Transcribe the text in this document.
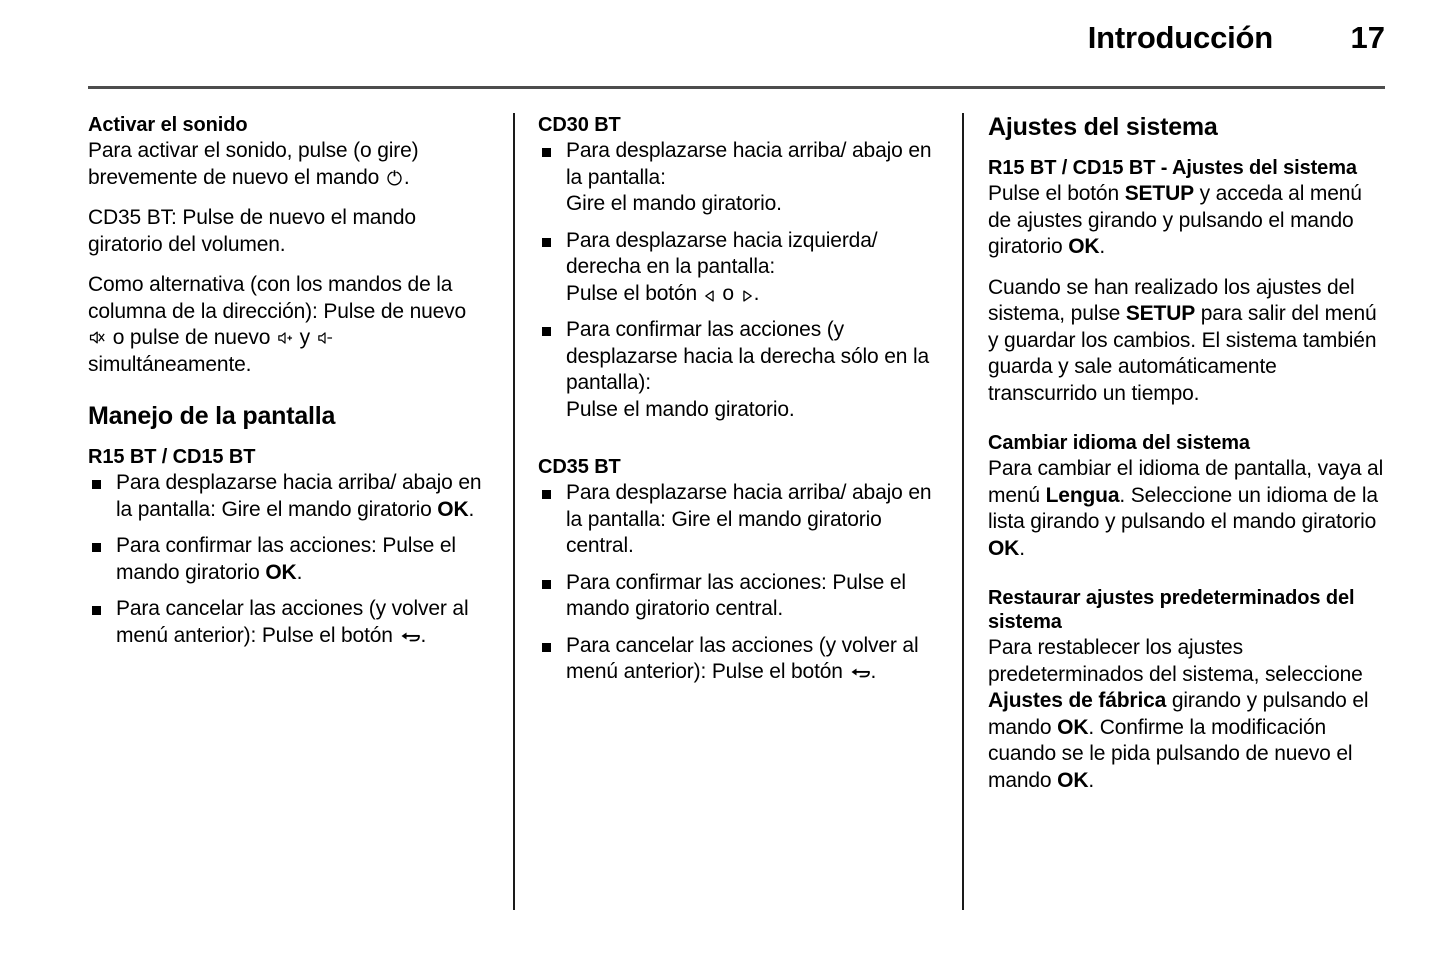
Introducción	17
Activar el sonido

Para activar el sonido, pulse (o gire) brevemente de nuevo el mando .

CD35 BT: Pulse de nuevo el mando giratorio del volumen.

Como alternativa (con los mandos de la columna de la dirección): Pulse de nuevo
o pulse de nuevo y
simultáneamente.

Manejo de la pantalla
R15 BT / CD15 BT
Para desplazarse hacia arriba/ abajo en la pantalla: Gire el mando giratorio OK.
Para confirmar las acciones: Pulse el mando giratorio OK.
Para cancelar las acciones (y volver al menú anterior): Pulse el botón .
CD30 BT
Para desplazarse hacia arriba/ abajo en la pantalla:
Gire el mando giratorio.
Para desplazarse hacia izquierda/ derecha en la pantalla:
Pulse el botón o .
Para confirmar las acciones (y desplazarse hacia la derecha sólo en la pantalla):
Pulse el mando giratorio.
CD35 BT
Para desplazarse hacia arriba/ abajo en la pantalla: Gire el mando giratorio central.
Para confirmar las acciones: Pulse el mando giratorio central.
Para cancelar las acciones (y volver al menú anterior): Pulse el botón .
Ajustes del sistema
R15 BT / CD15 BT - Ajustes del sistema

Pulse el botón SETUP y acceda al menú de ajustes girando y pulsando el mando giratorio OK.

Cuando se han realizado los ajustes del sistema, pulse SETUP para salir del menú y guardar los cambios. El sistema también guarda y sale automáticamente transcurrido un tiempo.

Cambiar idioma del sistema

Para cambiar el idioma de pantalla, vaya al menú Lengua. Seleccione un idioma de la lista girando y pulsando el mando giratorio OK.

Restaurar ajustes predeterminados del sistema

Para restablecer los ajustes predeterminados del sistema, seleccione Ajustes de fábrica girando y pulsando el mando OK. Confirme la modificación cuando se le pida pulsando de nuevo el mando OK.
